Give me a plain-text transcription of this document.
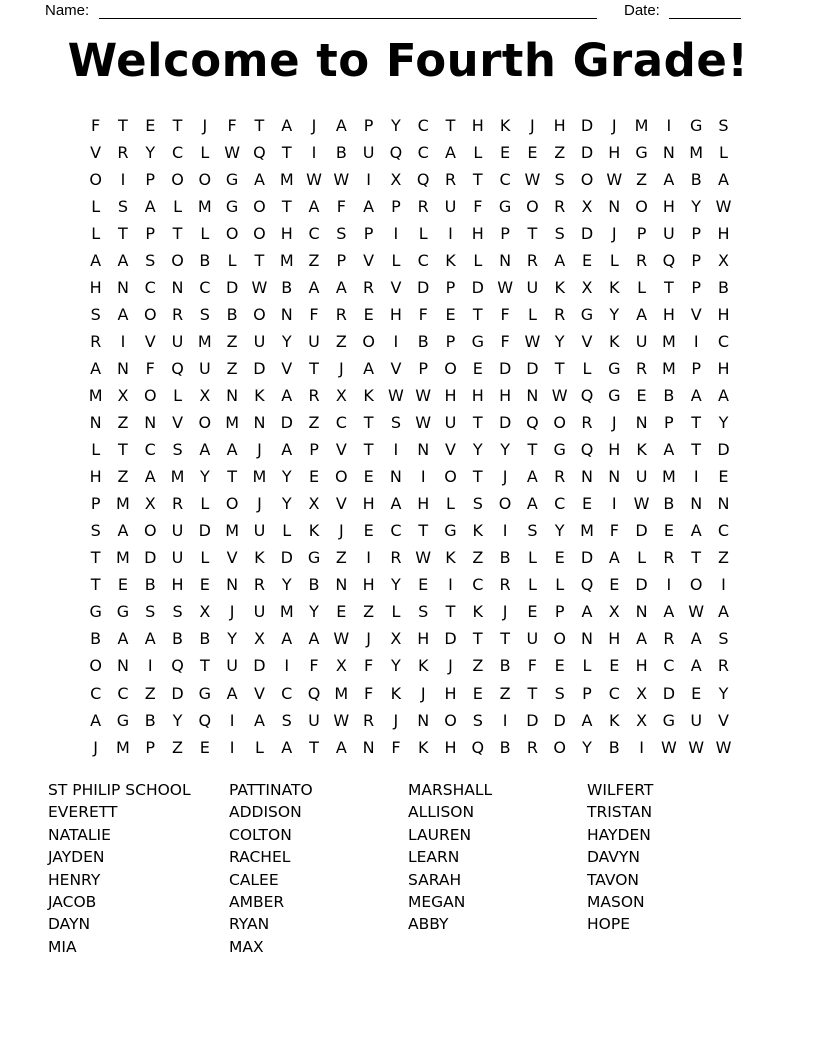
Name:	Date:
Welcome to Fourth Grade!
F	T	E	T	J	F	T	A	J	A	P	Y	C	T	H	K	J	H D	J	M	I	G	S
V	R	Y	C	L W Q	T	I	B U Q C	A	L	E	E	Z D H G N M L
O	I	P	O O G A M W W	I	X Q R	T	C W S O W Z	A	B	A
L	S	A	L M G O	T	A	F	A	P	R U	F	G O R	X N O H	Y W
L	T	P	T	L	O O H C	S	P	I	L	I	H	P	T	S	D	J	P	U	P	H
A	A	S O B	L	T M Z	P	V	L	C	K	L	N R	A	E	L	R Q	P	X
H N C N C D W B	A	A	R	V D	P	D W U	K	X	K	L	T	P	B
S	A O R	S	B O N	F	R	E	H	F	E	T	F	L	R G	Y	A H V H
R	I	V U M Z U	Y	U Z O	I	B	P	G	F W Y	V	K	U M	I	C
A N	F	Q U Z D V	T	J	A	V	P	O E	D D	T	L	G R M P	H
M X O	L	X N	K	A	R	X	K W W H H H N W Q G	E	B	A	A
N Z N V O M N D Z	C	T	S W U	T	D Q O R	J	N	P	T	Y
L	T	C	S	A	A	J	A	P	V	T	I	N V	Y	Y	T	G Q H	K	A	T	D
H Z	A M Y	T M Y	E O E	N	I	O	T	J	A	R N N U M	I	E
P M X	R	L	O	J	Y	X	V H A H	L	S O A	C	E	I	W B N N
S	A O U D M U	L	K	J	E	C	T	G K	I	S	Y M F	D	E	A	C
T M D U	L	V	K D G Z	I	R W K	Z	B	L	E	D A	L	R	T	Z
T	E	B H	E	N R	Y	B N H	Y	E	I	C	R	L	L	Q E	D	I	O	I
G G	S	S	X	J	U M Y	E	Z	L	S	T	K	J	E	P	A	X N A W A
B	A	A	B	B	Y	X	A	A W	J	X H D	T	T	U O N H A	R	A	S
O N	I	Q	T	U D	I	F	X	F	Y	K	J	Z	B	F	E	L	E	H C	A	R
C	C	Z D G A	V	C Q M F	K	J	H	E	Z	T	S	P	C	X D	E	Y
A G B	Y	Q	I	A	S	U W R	J	N O S	I	D D A	K	X G U V
J	M P	Z	E	I	L	A	T	A N	F	K	H Q B	R O	Y	B	I	W W W
ST PHILIP SCHOOL
EVERETT
NATALIE
JAYDEN
HENRY
JACOB
DAYN
MIA
PATTINATO
ADDISON
COLTON
RACHEL
CALEE
AMBER
RYAN
MAX
MARSHALL
ALLISON
LAUREN
LEARN
SARAH
MEGAN
ABBY
WILFERT
TRISTAN
HAYDEN
DAVYN
TAVON
MASON
HOPE
